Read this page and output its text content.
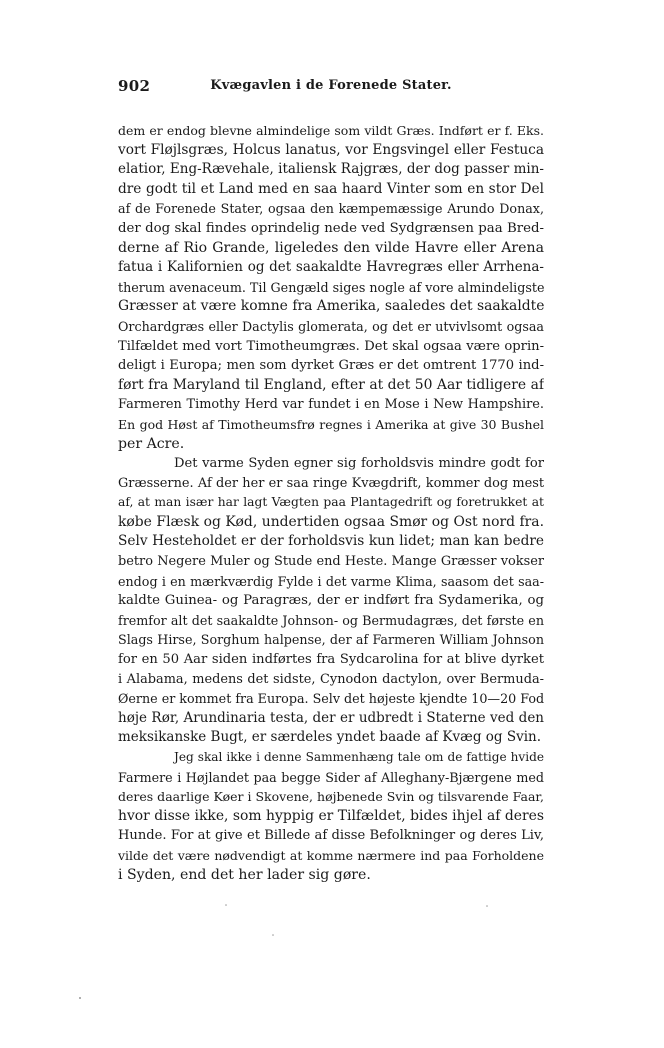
902	Kvægavlen i de Forenede Stater.
dem er endog blevne almindelige som vildt Græs. Indført er f. Eks.
vort Fløjlsgræs, Holcus lanatus, vor Engsvingel eller Festuca
elatior, Eng-Rævehale, italiensk Rajgræs, der dog passer min-
dre godt til et Land med en saa haard Vinter som en stor Del
af de Forenede Stater, ogsaa den kæmpemæssige Arundo Donax,
der dog skal findes oprindelig nede ved Sydgrænsen paa Bred-
derne af Rio Grande, ligeledes den vilde Havre eller Arena
fatua i Kalifornien og det saakaldte Havregræs eller Arrhena-
therum avenaceum. Til Gengæld siges nogle af vore almindeligste
Græsser at være komne fra Amerika, saaledes det saakaldte
Orchardgræs eller Dactylis glomerata, og det er utvivlsomt ogsaa
Tilfældet med vort Timotheumgræs. Det skal ogsaa være oprin-
deligt i Europa; men som dyrket Græs er det omtrent 1770 ind-
ført fra Maryland til England, efter at det 50 Aar tidligere af
Farmeren Timothy Herd var fundet i en Mose i New Hampshire.
En god Høst af Timotheumsfrø regnes i Amerika at give 30 Bushel
per Acre.
Det varme Syden egner sig forholdsvis mindre godt for
Græsserne. Af der her er saa ringe Kvægdrift, kommer dog mest
af, at man især har lagt Vægten paa Plantagedrift og foretrukket at
købe Flæsk og Kød, undertiden ogsaa Smør og Ost nord fra.
Selv Hesteholdet er der forholdsvis kun lidet; man kan bedre
betro Negere Muler og Stude end Heste. Mange Græsser vokser
endog i en mærkværdig Fylde i det varme Klima, saasom det saa-
kaldte Guinea- og Paragræs, der er indført fra Sydamerika, og
fremfor alt det saakaldte Johnson- og Bermudagræs, det første en
Slags Hirse, Sorghum halpense, der af Farmeren William Johnson
for en 50 Aar siden indførtes fra Sydcarolina for at blive dyrket
i Alabama, medens det sidste, Cynodon dactylon, over Bermuda-
Øerne er kommet fra Europa. Selv det højeste kjendte 10—20 Fod
høje Rør, Arundinaria testa, der er udbredt i Staterne ved den
meksikanske Bugt, er særdeles yndet baade af Kvæg og Svin.
Jeg skal ikke i denne Sammenhæng tale om de fattige hvide
Farmere i Højlandet paa begge Sider af Alleghany-Bjærgene med
deres daarlige Køer i Skovene, højbenede Svin og tilsvarende Faar,
hvor disse ikke, som hyppig er Tilfældet, bides ihjel af deres
Hunde. For at give et Billede af disse Befolkninger og deres Liv,
vilde det være nødvendigt at komme nærmere ind paa Forholdene
i Syden, end det her lader sig gøre.
